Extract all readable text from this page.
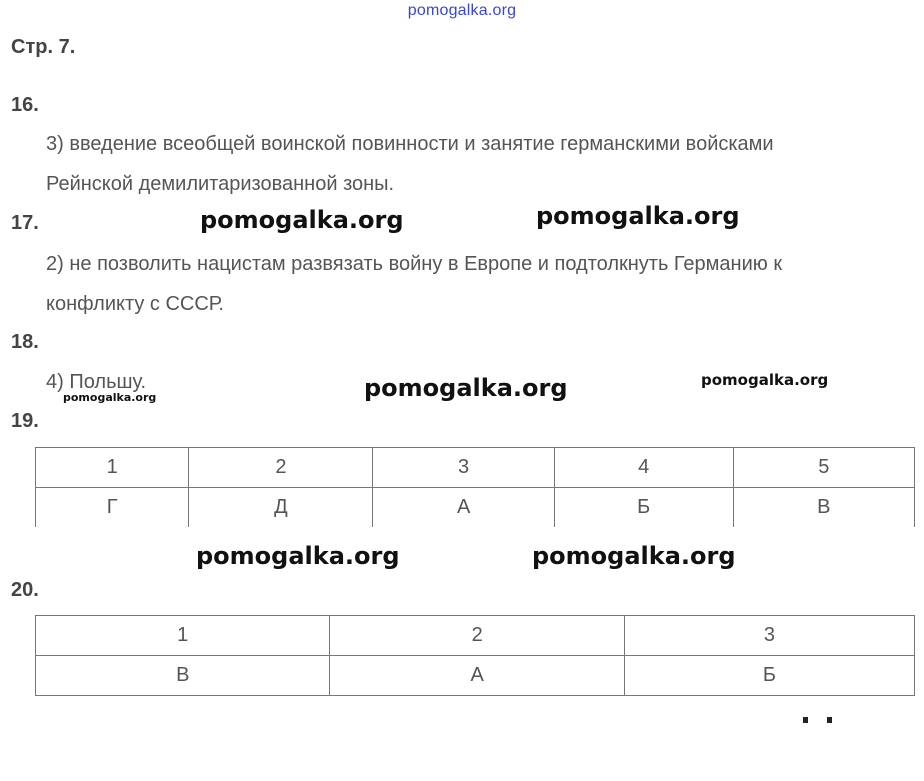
pomogalka.org
Стр. 7.
16.
3) введение всеобщей воинской повинности и занятие германскими войсками
Рейнской демилитаризованной зоны.
17.
2) не позволить нацистам развязать войну в Европе и подтолкнуть Германию к
конфликту с СССР.
18.
4) Польшу.
19.
1	2	3	4	5
Г	Д	А	Б	В
20.
1	2	3
В	А	Б
pomogalka.org	pomogalka.org
pomogalka.org	pomogalka.org
pomogalka.org
pomogalka.org	pomogalka.org
